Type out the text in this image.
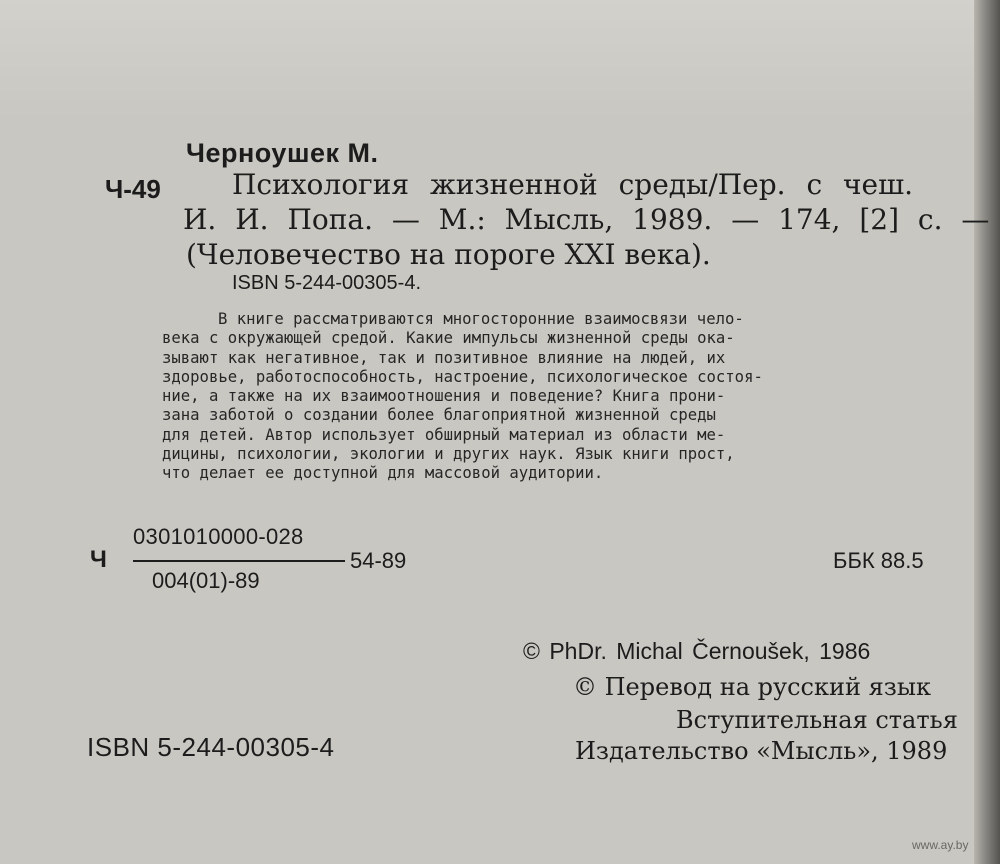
Черноушек М.
Ч-49	Психология жизненной среды/Пер. с чеш.
И. И. Попа. — М.: Мысль, 1989. — 174, [2] с. —
(Человечество на пороге XXI века).
ISBN 5-244-00305-4.
В книге рассматриваются многосторонние взаимосвязи чело-
века с окружающей средой. Какие импульсы жизненной среды ока-
зывают как негативное, так и позитивное влияние на людей, их
здоровье, работоспособность, настроение, психологическое состоя-
ние, а также на их взаимоотношения и поведение? Книга прони-
зана заботой о создании более благоприятной жизненной среды
для детей. Автор использует обширный материал из области ме-
дицины, психологии, экологии и других наук. Язык книги прост,
что делает ее доступной для массовой аудитории.
Ч
0301010000-028
004(01)-89
54-89	ББК 88.5
© PhDr. Michal Černoušek, 1986
© Перевод на русский язык
Вступительная статья
Издательство «Мысль», 1989
ISBN 5-244-00305-4
www.ay.by
